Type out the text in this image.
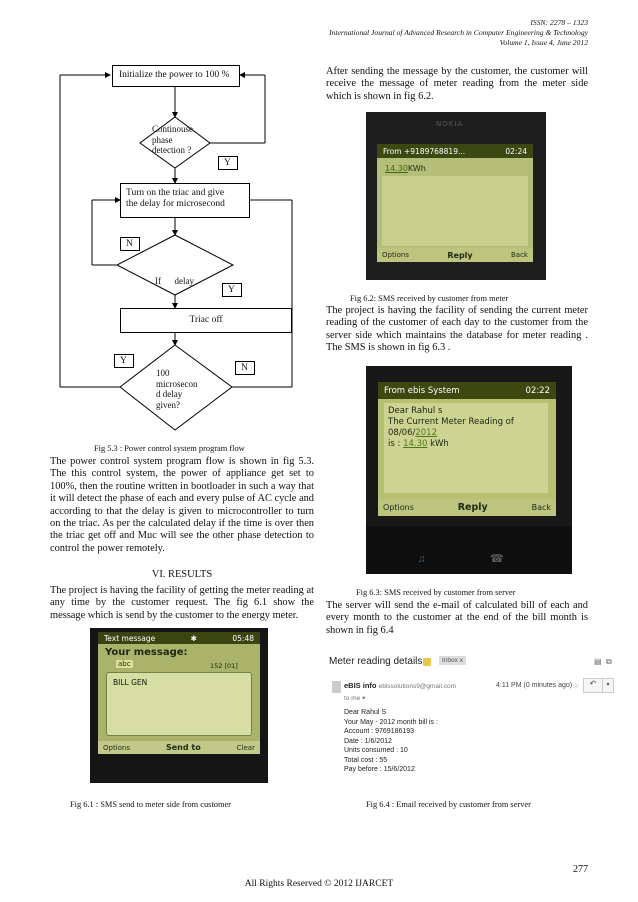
ISSN: 2278 – 1323
International Journal of Advanced Research in Computer Engineering & Technology
Volume 1, Issue 4, June 2012
Initialize the power to 100 %
Continouse
phase
detection ?
Y
Turn on the triac and give
the delay for microsecond
N

If      delay

Y
Triac off
Y
N
100
microsecon
d delay
given?
Fig 5.3 : Power control system program flow
The power control system program flow is shown in fig 5.3. The this control system, the power of appliance get set to 100%, then the routine written in bootloader in such a way that it will detect the phase of each and every pulse of AC cycle and according to that the delay is given to microcontroller to turn on the triac. As per the calculated delay if the time is over then the triac get off and Muc will see the other phase detection to control the power remotely.
VI. RESULTS
The project is having the facility of getting the meter reading at any time by the customer request. The fig 6.1 show the message which is send by the customer to the energy meter.
Text message	✱	05:48
Your message:
abc	152 [01]
BILL GEN
Options	Send to	Clear
Fig 6.1 : SMS send to meter side from customer
After sending the message by the customer, the customer will receive the message of meter reading from the meter side which is shown in fig 6.2.
NOKIA
From +9189768819...	02:24
14.30KWh
Options	Reply	Back
Fig 6.2: SMS received by customer from meter
The project is having the facility of sending the current meter reading of the customer of each day to the customer from the server side which maintains the database for meter reading . The SMS is shown in fig 6.3 .
From ebis System	02:22
Dear Rahul s
The Current Meter Reading of
08/06/2012
is : 14.30 kWh
Options	Reply	Back
♫	☎
Fig 6.3: SMS received by customer from server
The server will send the e-mail of calculated bill of each and every month to the customer at the end of the bill month is shown in fig 6.4
Meter reading details	Inbox x	▤ ⧉
eBIS info ebissolutions9@gmail.com	4:11 PM (0 minutes ago) ☆	↶	▾
to me ▾
Dear Rahul S
Your May - 2012 month bill is :
Account : 9769186193
Date : 1/6/2012
Units consumed : 10
Total cost : 55
Pay before : 15/6/2012
Fig 6.4 : Email received by customer from server
277
All Rights Reserved © 2012 IJARCET
